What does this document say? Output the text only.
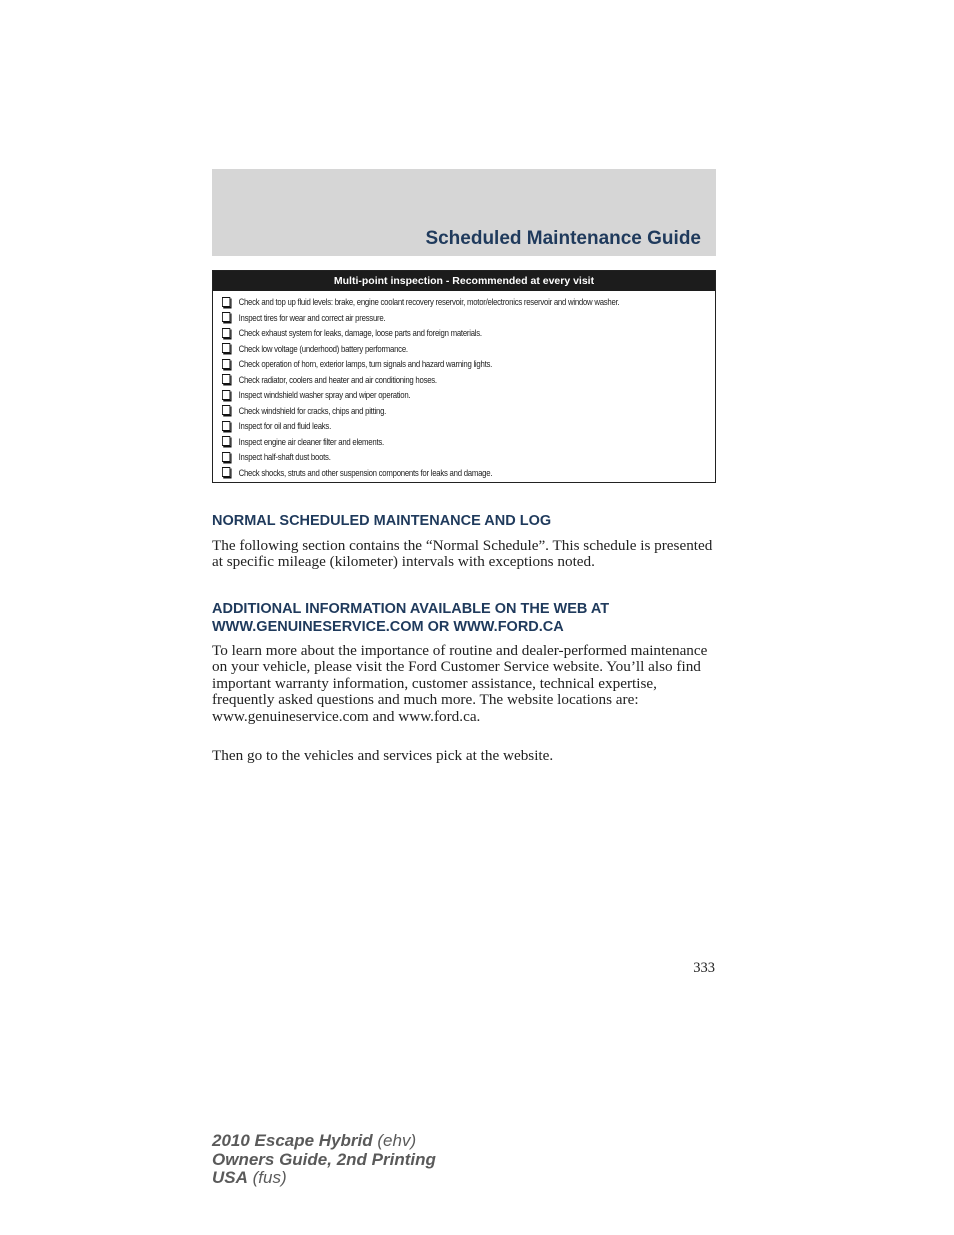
Scheduled Maintenance Guide
Multi-point inspection - Recommended at every visit
Check and top up fluid levels: brake, engine coolant recovery reservoir, motor/electronics reservoir and window washer.
Inspect tires for wear and correct air pressure.
Check exhaust system for leaks, damage, loose parts and foreign materials.
Check low voltage (underhood) battery performance.
Check operation of horn, exterior lamps, turn signals and hazard warning lights.
Check radiator, coolers and heater and air conditioning hoses.
Inspect windshield washer spray and wiper operation.
Check windshield for cracks, chips and pitting.
Inspect for oil and fluid leaks.
Inspect engine air cleaner filter and elements.
Inspect half-shaft dust boots.
Check shocks, struts and other suspension components for leaks and damage.
NORMAL SCHEDULED MAINTENANCE AND LOG

The following section contains the “Normal Schedule”. This schedule is presented at specific mileage (kilometer) intervals with exceptions noted.

ADDITIONAL INFORMATION AVAILABLE ON THE WEB AT
WWW.GENUINESERVICE.COM OR WWW.FORD.CA

To learn more about the importance of routine and dealer-performed maintenance on your vehicle, please visit the Ford Customer Service website. You’ll also find important warranty information, customer assistance, technical expertise, frequently asked questions and much more. The website locations are: www.genuineservice.com and www.ford.ca.

Then go to the vehicles and services pick at the website.

333
2010 Escape Hybrid (ehv)
Owners Guide, 2nd Printing
USA (fus)
